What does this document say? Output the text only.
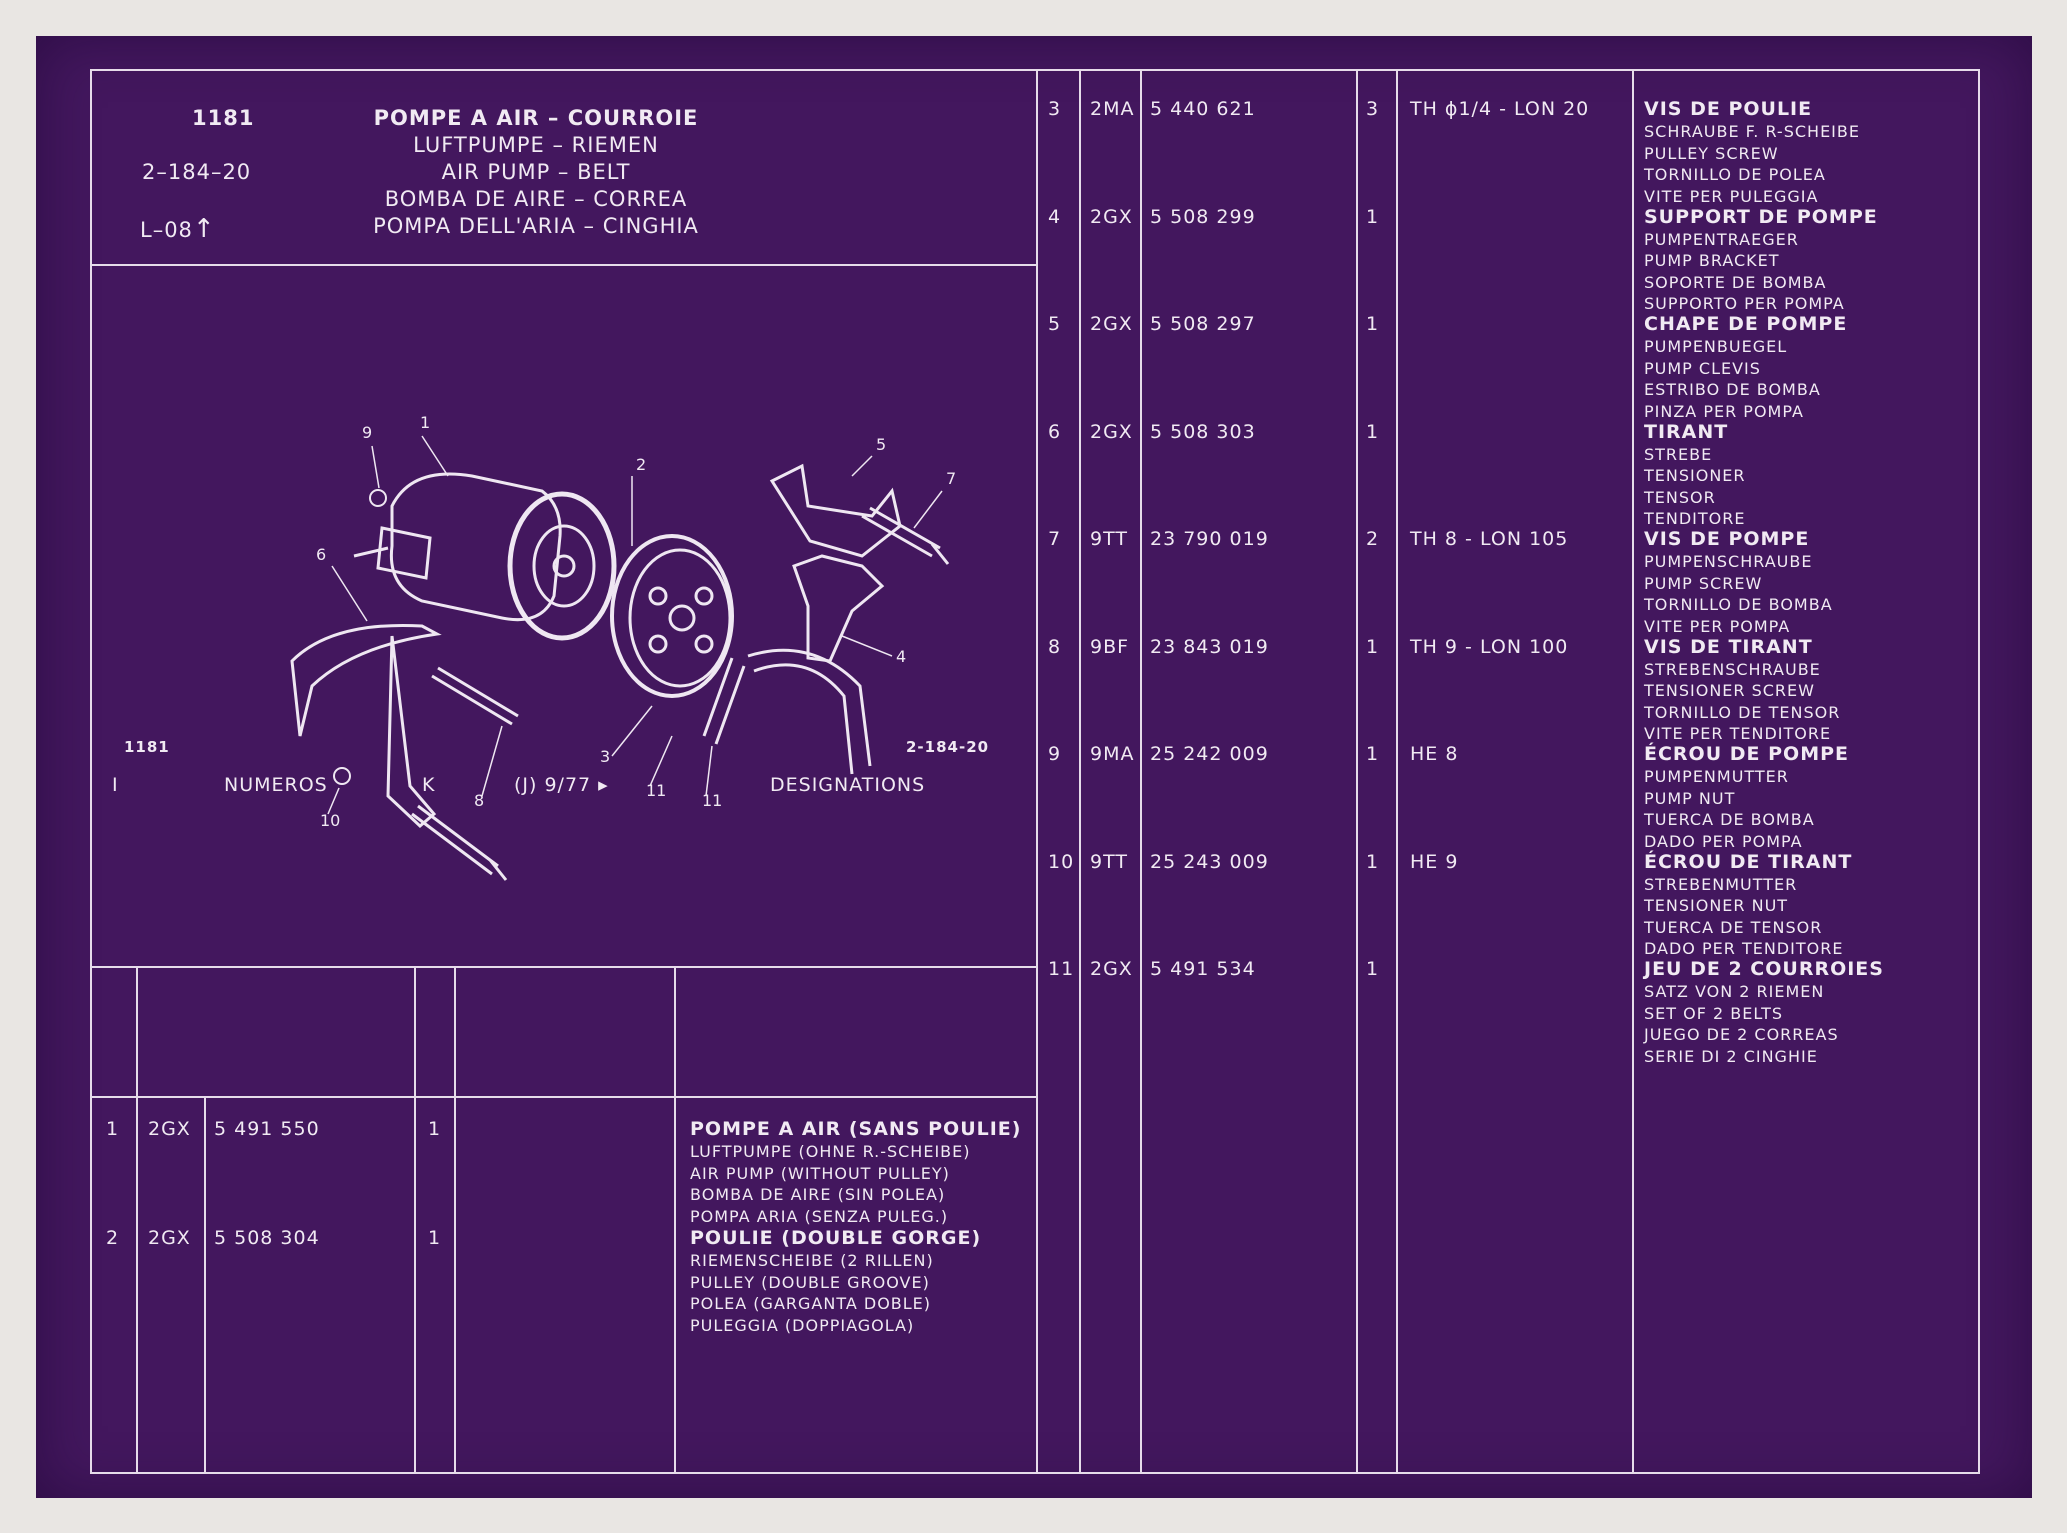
1181
2–184–20
L–08↑
POMPE A AIR – COURROIE
LUFTPUMPE – RIEMEN
AIR PUMP – BELT
BOMBA DE AIRE – CORREA
POMPA DELL'ARIA – CINGHIA
1
2
3
4
5
6
7
8
9
10
11
11
1181	2-184-20
I	NUMEROS	K	(J) 9/77 ▸	DESIGNATIONS
1 2GX 5 491 550	1	POMPE A AIR (SANS POULIE)
LUFTPUMPE (OHNE R.-SCHEIBE)
AIR PUMP (WITHOUT PULLEY)
BOMBA DE AIRE (SIN POLEA)
POMPA ARIA (SENZA PULEG.)
2 2GX 5 508 304	1	POULIE (DOUBLE GORGE)
RIEMENSCHEIBE (2 RILLEN)
PULLEY (DOUBLE GROOVE)
POLEA (GARGANTA DOBLE)
PULEGGIA (DOPPIAGOLA)
3 2MA 5 440 621	3 TH ϕ1/4 - LON 20	VIS DE POULIE
SCHRAUBE F. R-SCHEIBE
PULLEY SCREW
TORNILLO DE POLEA
VITE PER PULEGGIA
4 2GX 5 508 299	1	SUPPORT DE POMPE
PUMPENTRAEGER
PUMP BRACKET
SOPORTE DE BOMBA
SUPPORTO PER POMPA
5 2GX 5 508 297	1	CHAPE DE POMPE
PUMPENBUEGEL
PUMP CLEVIS
ESTRIBO DE BOMBA
PINZA PER POMPA
6 2GX 5 508 303	1	TIRANT
STREBE
TENSIONER
TENSOR
TENDITORE
7 9TT 23 790 019	2 TH 8 - LON 105	VIS DE POMPE
PUMPENSCHRAUBE
PUMP SCREW
TORNILLO DE BOMBA
VITE PER POMPA
8 9BF 23 843 019	1 TH 9 - LON 100	VIS DE TIRANT
STREBENSCHRAUBE
TENSIONER SCREW
TORNILLO DE TENSOR
VITE PER TENDITORE
9 9MA 25 242 009	1 HE 8	ÉCROU DE POMPE
PUMPENMUTTER
PUMP NUT
TUERCA DE BOMBA
DADO PER POMPA
10 9TT 25 243 009	1 HE 9	ÉCROU DE TIRANT
STREBENMUTTER
TENSIONER NUT
TUERCA DE TENSOR
DADO PER TENDITORE
11 2GX 5 491 534	1	JEU DE 2 COURROIES
SATZ VON 2 RIEMEN
SET OF 2 BELTS
JUEGO DE 2 CORREAS
SERIE DI 2 CINGHIE
